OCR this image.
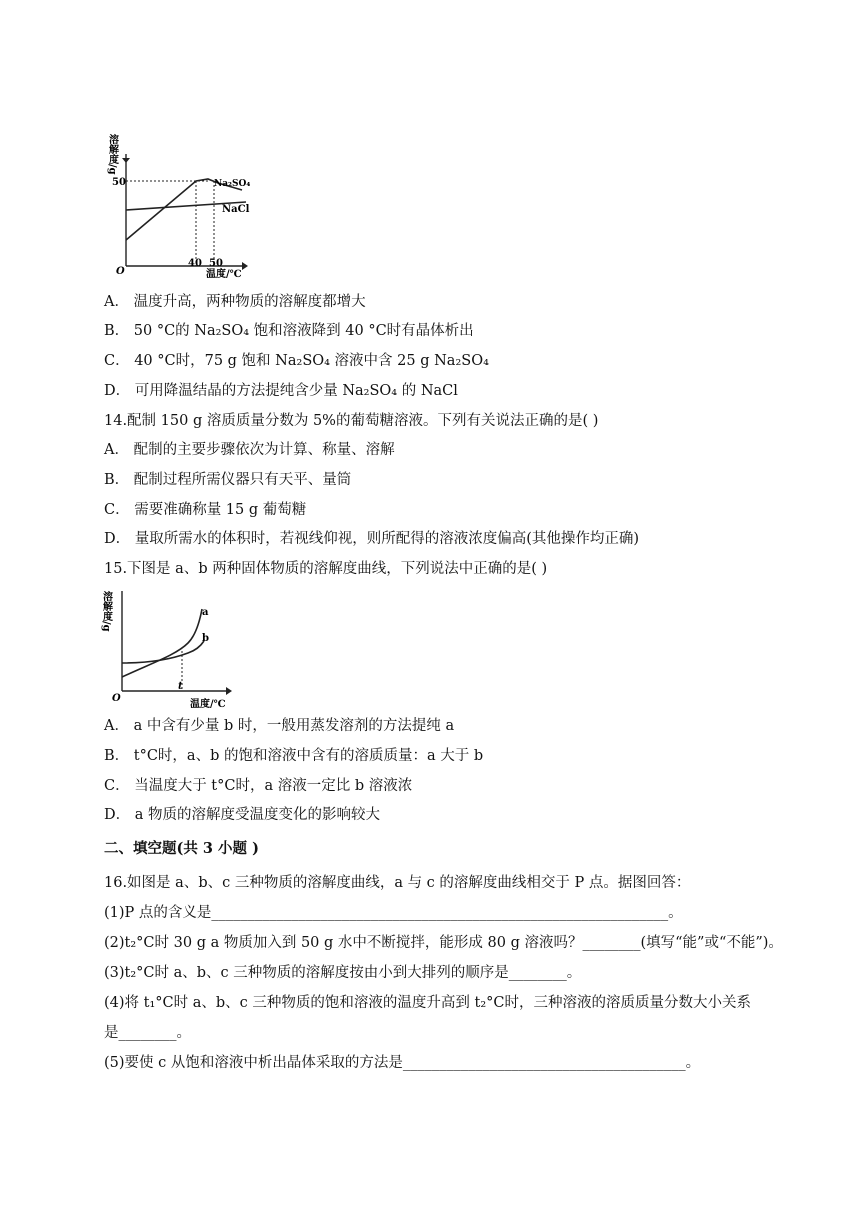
溶解度/g
50
O
40 50
温度/℃
Na₂SO₄
NaCl
A． 温度升高，两种物质的溶解度都增大
B． 50 °C的 Na₂SO₄ 饱和溶液降到 40 °C时有晶体析出
C． 40 °C时，75 g 饱和 Na₂SO₄ 溶液中含 25 g Na₂SO₄
D． 可用降温结晶的方法提纯含少量 Na₂SO₄ 的 NaCl
14.配制 150 g 溶质质量分数为 5%的葡萄糖溶液。下列有关说法正确的是( )
A． 配制的主要步骤依次为计算、称量、溶解
B． 配制过程所需仪器只有天平、量筒
C． 需要准确称量 15 g 葡萄糖
D． 量取所需水的体积时，若视线仰视，则所配得的溶液浓度偏高(其他操作均正确)
15.下图是 a、b 两种固体物质的溶解度曲线，下列说法中正确的是( )
溶解度/g
O
t
温度/℃
a
b
A． a 中含有少量 b 时，一般用蒸发溶剂的方法提纯 a
B． t°C时，a、b 的饱和溶液中含有的溶质质量：a 大于 b
C． 当温度大于 t°C时，a 溶液一定比 b 溶液浓
D． a 物质的溶解度受温度变化的影响较大
二、填空题(共 3 小题 )
16.如图是 a、b、c 三种物质的溶解度曲线，a 与 c 的溶解度曲线相交于 P 点。据图回答：
(1)P 点的含义是_______________________________________________________________。
(2)t₂°C时 30 g a 物质加入到 50 g 水中不断搅拌，能形成 80 g 溶液吗？________(填写“能”或“不能”)。
(3)t₂°C时 a、b、c 三种物质的溶解度按由小到大排列的顺序是________。
(4)将 t₁°C时 a、b、c 三种物质的饱和溶液的温度升高到 t₂°C时，三种溶液的溶质质量分数大小关系
是________。
(5)要使 c 从饱和溶液中析出晶体采取的方法是_______________________________________。
